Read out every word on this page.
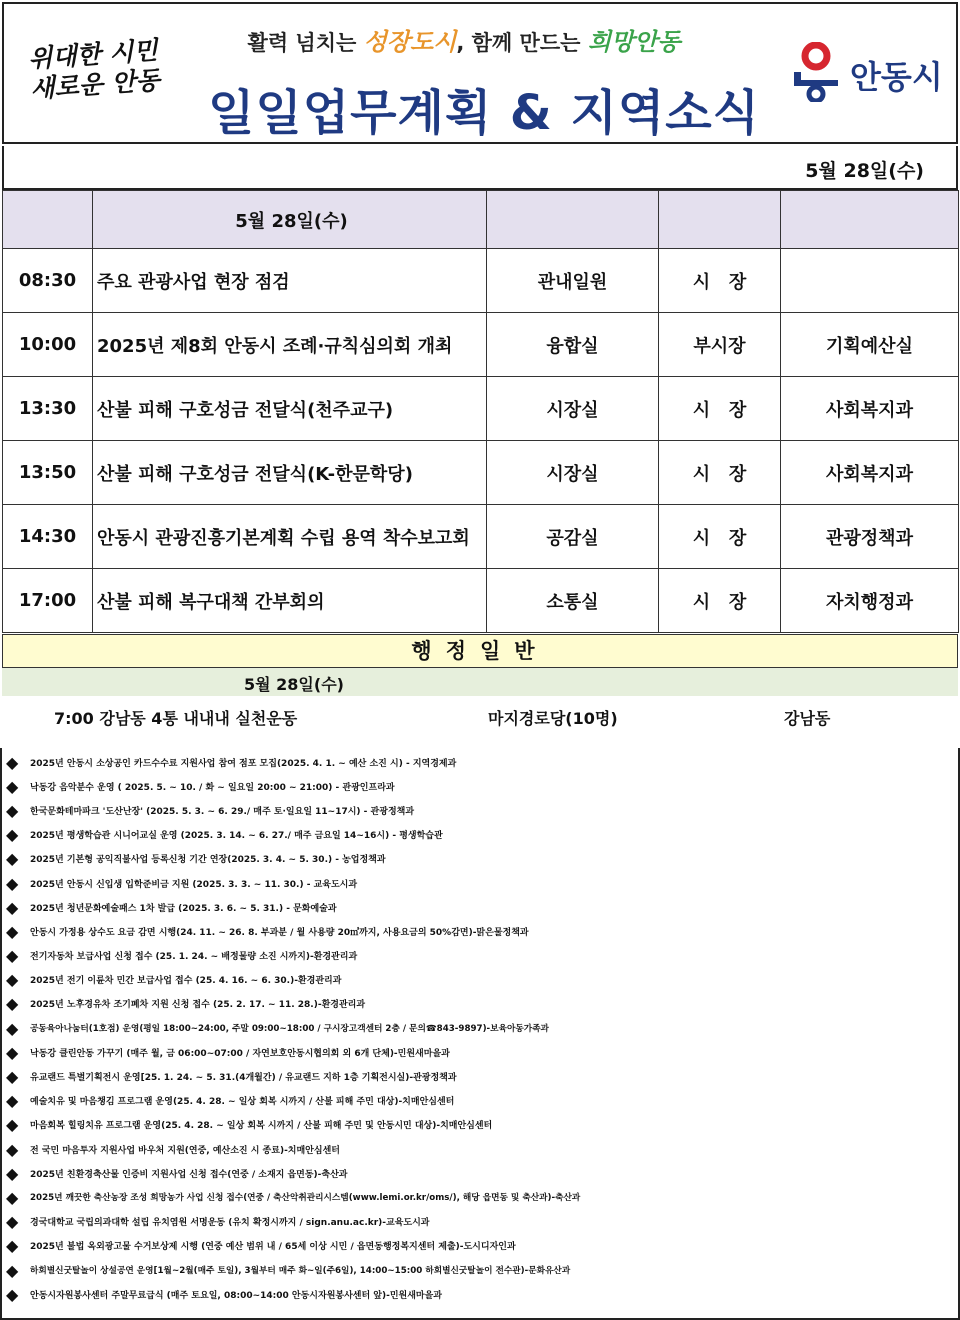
위대한 시민
새로운 안동
활력 넘치는 성장도시, 함께 만드는 희망안동
일일업무계획 & 지역소식
안동시
5월 28일(수)
	5월 28일(수)			
08:30	주요 관광사업 현장 점검	관내일원	시   장	
10:00	2025년 제8회 안동시 조례·규칙심의회 개최	융합실	부시장	기획예산실
13:30	산불 피해 구호성금 전달식(천주교구)	시장실	시   장	사회복지과
13:50	산불 피해 구호성금 전달식(K-한문학당)	시장실	시   장	사회복지과
14:30	안동시 관광진흥기본계획 수립 용역 착수보고회	공감실	시   장	관광정책과
17:00	산불 피해 복구대책 간부회의	소통실	시   장	자치행정과
행정일반
5월 28일(수)
7:00 강남동 4통 내내내 실천운동	마지경로당(10명)	강남동
◆	2025년 안동시 소상공인 카드수수료 지원사업 참여 점포 모집(2025. 4. 1. ~ 예산 소진 시) - 지역경제과
◆	낙동강 음악분수 운영 ( 2025. 5. ~ 10. / 화 ~ 일요일 20:00 ~ 21:00) - 관광인프라과
◆	한국문화테마파크 '도산난장' (2025. 5. 3. ~ 6. 29./ 매주 토·일요일 11~17시) - 관광정책과
◆	2025년 평생학습관 시니어교실 운영 (2025. 3. 14. ~ 6. 27./ 매주 금요일 14~16시) - 평생학습관
◆	2025년 기본형 공익직불사업 등록신청 기간 연장(2025. 3. 4. ~ 5. 30.) - 농업정책과
◆	2025년 안동시 신입생 입학준비금 지원 (2025. 3. 3. ~ 11. 30.) - 교육도시과
◆	2025년 청년문화예술패스 1차 발급 (2025. 3. 6. ~ 5. 31.) - 문화예술과
◆	안동시 가정용 상수도 요금 감면 시행(24. 11. ~ 26. 8. 부과분 / 월 사용량 20㎥까지, 사용요금의 50%감면)-맑은물정책과
◆	전기자동차 보급사업 신청 접수 (25. 1. 24. ~ 배정물량 소진 시까지)-환경관리과
◆	2025년 전기 이륜차 민간 보급사업 접수 (25. 4. 16. ~ 6. 30.)-환경관리과
◆	2025년 노후경유차 조기폐차 지원 신청 접수 (25. 2. 17. ~ 11. 28.)-환경관리과
◆	공동육아나눔터(1호점) 운영(평일 18:00~24:00, 주말 09:00~18:00 / 구시장고객센터 2층 / 문의☎843-9897)-보육아동가족과
◆	낙동강 클린안동 가꾸기 (매주 월, 금 06:00~07:00 / 자연보호안동시협의회 외 6개 단체)-민원새마을과
◆	유교랜드 특별기획전시 운영[25. 1. 24. ~ 5. 31.(4개월간) / 유교랜드 지하 1층 기획전시실)-관광정책과
◆	예술치유 및 마음챙김 프로그램 운영(25. 4. 28. ~ 일상 회복 시까지 / 산불 피해 주민 대상)-치매안심센터
◆	마음회복 힐링치유 프로그램 운영(25. 4. 28. ~ 일상 회복 시까지 / 산불 피해 주민 및 안동시민 대상)-치매안심센터
◆	전 국민 마음투자 지원사업 바우처 지원(연중, 예산소진 시 종료)-치매안심센터
◆	2025년 친환경축산물 인증비 지원사업 신청 접수(연중 / 소재지 읍면동)-축산과
◆	2025년 깨끗한 축산농장 조성 희망농가 사업 신청 접수(연중 / 축산악취관리시스템(www.lemi.or.kr/oms/), 해당 읍면동 및 축산과)-축산과
◆	경국대학교 국립의과대학 설립 유치염원 서명운동 (유치 확정시까지 / sign.anu.ac.kr)-교육도시과
◆	2025년 불법 옥외광고물 수거보상제 시행 (연중 예산 범위 내 / 65세 이상 시민 / 읍면동행정복지센터 제출)-도시디자인과
◆	하회별신굿탈놀이 상설공연 운영[1월~2월(매주 토일), 3월부터 매주 화~일(주6일), 14:00~15:00 하회별신굿탈놀이 전수관)-문화유산과
◆	안동시자원봉사센터 주말무료급식 (매주 토요일, 08:00~14:00 안동시자원봉사센터 앞)-민원새마을과
